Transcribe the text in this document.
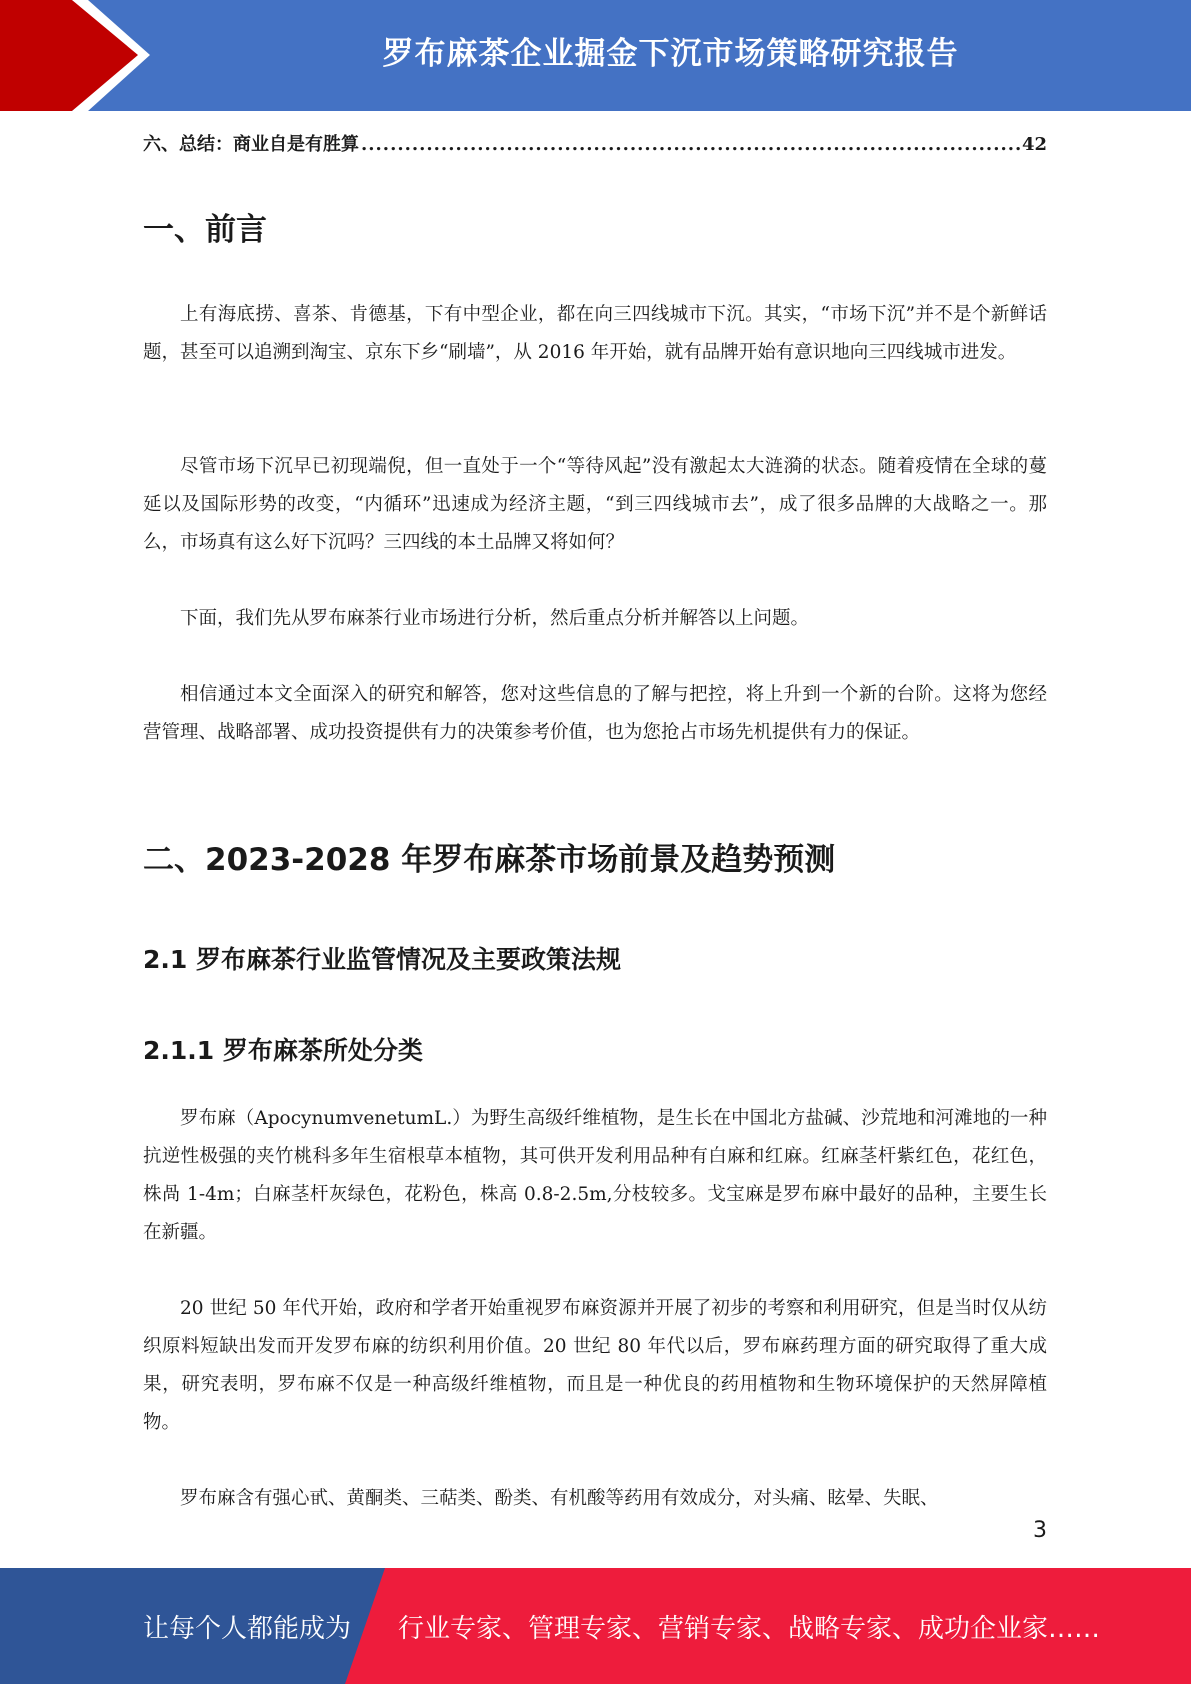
罗布麻茶企业掘金下沉市场策略研究报告
六、总结：商业自是有胜算
.....	42
一、前言

上有海底捞、喜茶、肯德基，下有中型企业，都在向三四线城市下沉。其实，“市场下沉”并不是个新鲜话题，甚至可以追溯到淘宝、京东下乡“刷墙”，从 2016 年开始，就有品牌开始有意识地向三四线城市进发。

尽管市场下沉早已初现端倪，但一直处于一个“等待风起”没有激起太大涟漪的状态。随着疫情在全球的蔓延以及国际形势的改变，“内循环”迅速成为经济主题，“到三四线城市去”，成了很多品牌的大战略之一。那么，市场真有这么好下沉吗？三四线的本土品牌又将如何？

下面，我们先从罗布麻茶行业市场进行分析，然后重点分析并解答以上问题。

相信通过本文全面深入的研究和解答，您对这些信息的了解与把控，将上升到一个新的台阶。这将为您经营管理、战略部署、成功投资提供有力的决策参考价值，也为您抢占市场先机提供有力的保证。

二、2023-2028 年罗布麻茶市场前景及趋势预测
2.1 罗布麻茶行业监管情况及主要政策法规
2.1.1 罗布麻茶所处分类

罗布麻（ApocynumvenetumL.）为野生高级纤维植物，是生长在中国北方盐碱、沙荒地和河滩地的一种抗逆性极强的夹竹桃科多年生宿根草本植物，其可供开发利用品种有白麻和红麻。红麻茎杆紫红色，花红色，株咼 1-4m；白麻茎杆灰绿色，花粉色，株高 0.8-2.5m,分枝较多。戈宝麻是罗布麻中最好的品种，主要生长在新疆。

20 世纪 50 年代开始，政府和学者开始重视罗布麻资源并开展了初步的考察和利用研究，但是当时仅从纺织原料短缺出发而开发罗布麻的纺织利用价值。20 世纪 80 年代以后，罗布麻药理方面的研究取得了重大成果，研究表明，罗布麻不仅是一种高级纤维植物，而且是一种优良的药用植物和生物环境保护的天然屏障植物。

罗布麻含有强心甙、黄酮类、三萜类、酚类、有机酸等药用有效成分，对头痛、眩晕、失眠、

3
让每个人都能成为 行业专家、管理专家、营销专家、战略专家、成功企业家……
